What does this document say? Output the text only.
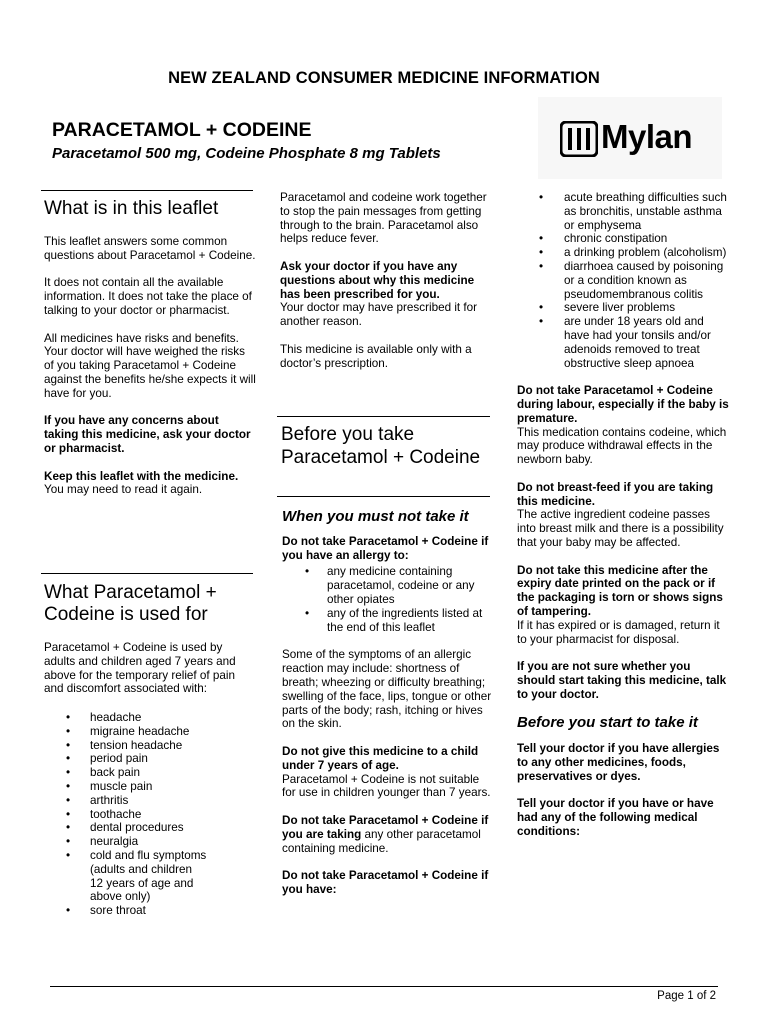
NEW ZEALAND CONSUMER MEDICINE INFORMATION
PARACETAMOL + CODEINE
Paracetamol 500 mg, Codeine Phosphate 8 mg Tablets	Mylan
What is in this leaflet

This leaflet answers some common questions about Paracetamol + Codeine.

It does not contain all the available information. It does not take the place of talking to your doctor or pharmacist.

All medicines have risks and benefits. Your doctor will have weighed the risks of you taking Paracetamol + Codeine against the benefits he/she expects it will have for you.

If you have any concerns about taking this medicine, ask your doctor or pharmacist.

Keep this leaflet with the medicine. You may need to read it again.

What Paracetamol + Codeine is used for

Paracetamol + Codeine is used by adults and children aged 7 years and above for the temporary relief of pain and discomfort associated with:

• headache
• migraine headache
• tension headache
• period pain
• back pain
• muscle pain
• arthritis
• toothache
• dental procedures
• neuralgia
• cold and flu symptoms (adults and children 12 years of age and above only)
• sore throat

Paracetamol and codeine work together to stop the pain messages from getting through to the brain. Paracetamol also helps reduce fever.

Ask your doctor if you have any questions about why this medicine has been prescribed for you.
Your doctor may have prescribed it for another reason.

This medicine is available only with a doctor’s prescription.

Before you take Paracetamol + Codeine
When you must not take it

Do not take Paracetamol + Codeine if you have an allergy to:

• any medicine containing paracetamol, codeine or any other opiates
• any of the ingredients listed at the end of this leaflet

Some of the symptoms of an allergic reaction may include: shortness of breath; wheezing or difficulty breathing; swelling of the face, lips, tongue or other parts of the body; rash, itching or hives on the skin.

Do not give this medicine to a child under 7 years of age.
Paracetamol + Codeine is not suitable for use in children younger than 7 years.

Do not take Paracetamol + Codeine if you are taking any other paracetamol containing medicine.

Do not take Paracetamol + Codeine if you have:

• acute breathing difficulties such as bronchitis, unstable asthma or emphysema
• chronic constipation
• a drinking problem (alcoholism)
• diarrhoea caused by poisoning or a condition known as pseudomembranous colitis
• severe liver problems
• are under 18 years old and have had your tonsils and/or adenoids removed to treat obstructive sleep apnoea

Do not take Paracetamol + Codeine during labour, especially if the baby is premature.
This medication contains codeine, which may produce withdrawal effects in the newborn baby.

Do not breast-feed if you are taking this medicine.
The active ingredient codeine passes into breast milk and there is a possibility that your baby may be affected.

Do not take this medicine after the expiry date printed on the pack or if the packaging is torn or shows signs of tampering.
If it has expired or is damaged, return it to your pharmacist for disposal.

If you are not sure whether you should start taking this medicine, talk to your doctor.

Before you start to take it

Tell your doctor if you have allergies to any other medicines, foods, preservatives or dyes.

Tell your doctor if you have or have had any of the following medical conditions:

Page 1 of 2
